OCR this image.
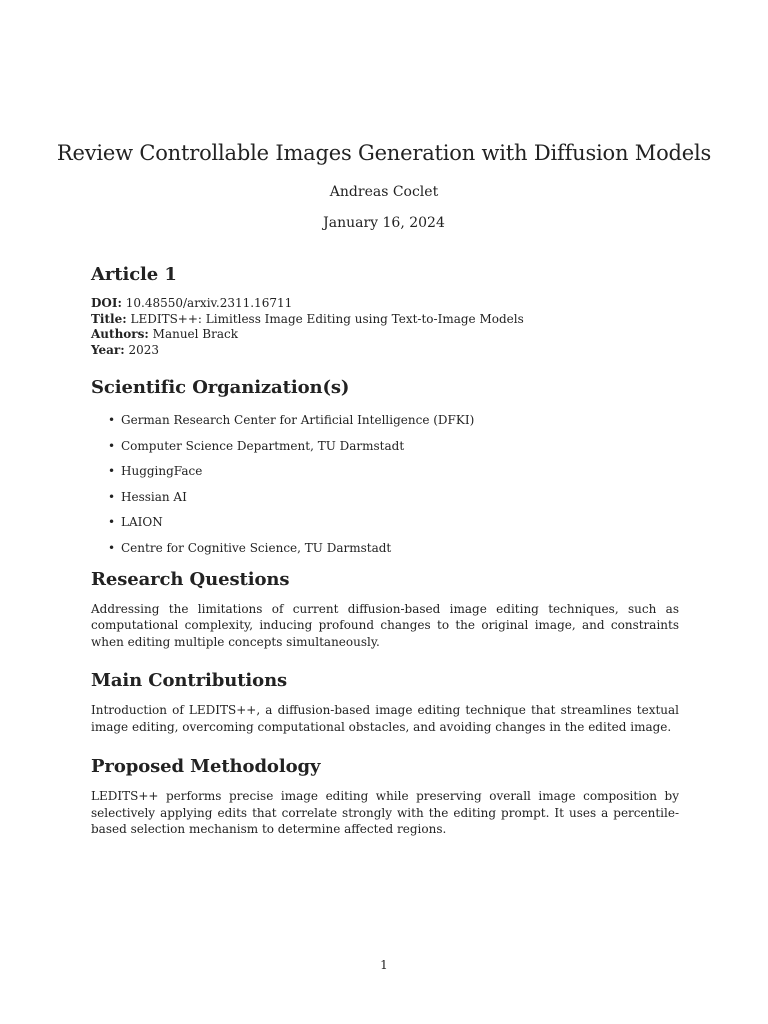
Review Controllable Images Generation with Diffusion Models
Andreas Coclet
January 16, 2024
Article 1
DOI: 10.48550/arxiv.2311.16711
Title: LEDITS++: Limitless Image Editing using Text-to-Image Models
Authors: Manuel Brack
Year: 2023
Scientific Organization(s)
• German Research Center for Artificial Intelligence (DFKI)
• Computer Science Department, TU Darmstadt
• HuggingFace
• Hessian AI
• LAION
• Centre for Cognitive Science, TU Darmstadt
Research Questions

Addressing the limitations of current diffusion-based image editing techniques, such as computational complexity, inducing profound changes to the original image, and constraints when editing multiple concepts simultaneously.

Main Contributions

Introduction of LEDITS++, a diffusion-based image editing technique that streamlines textual image editing, overcoming computational obstacles, and avoiding changes in the edited image.

Proposed Methodology

LEDITS++ performs precise image editing while preserving overall image composition by selectively applying edits that correlate strongly with the editing prompt. It uses a percentile-based selection mechanism to determine affected regions.

1
